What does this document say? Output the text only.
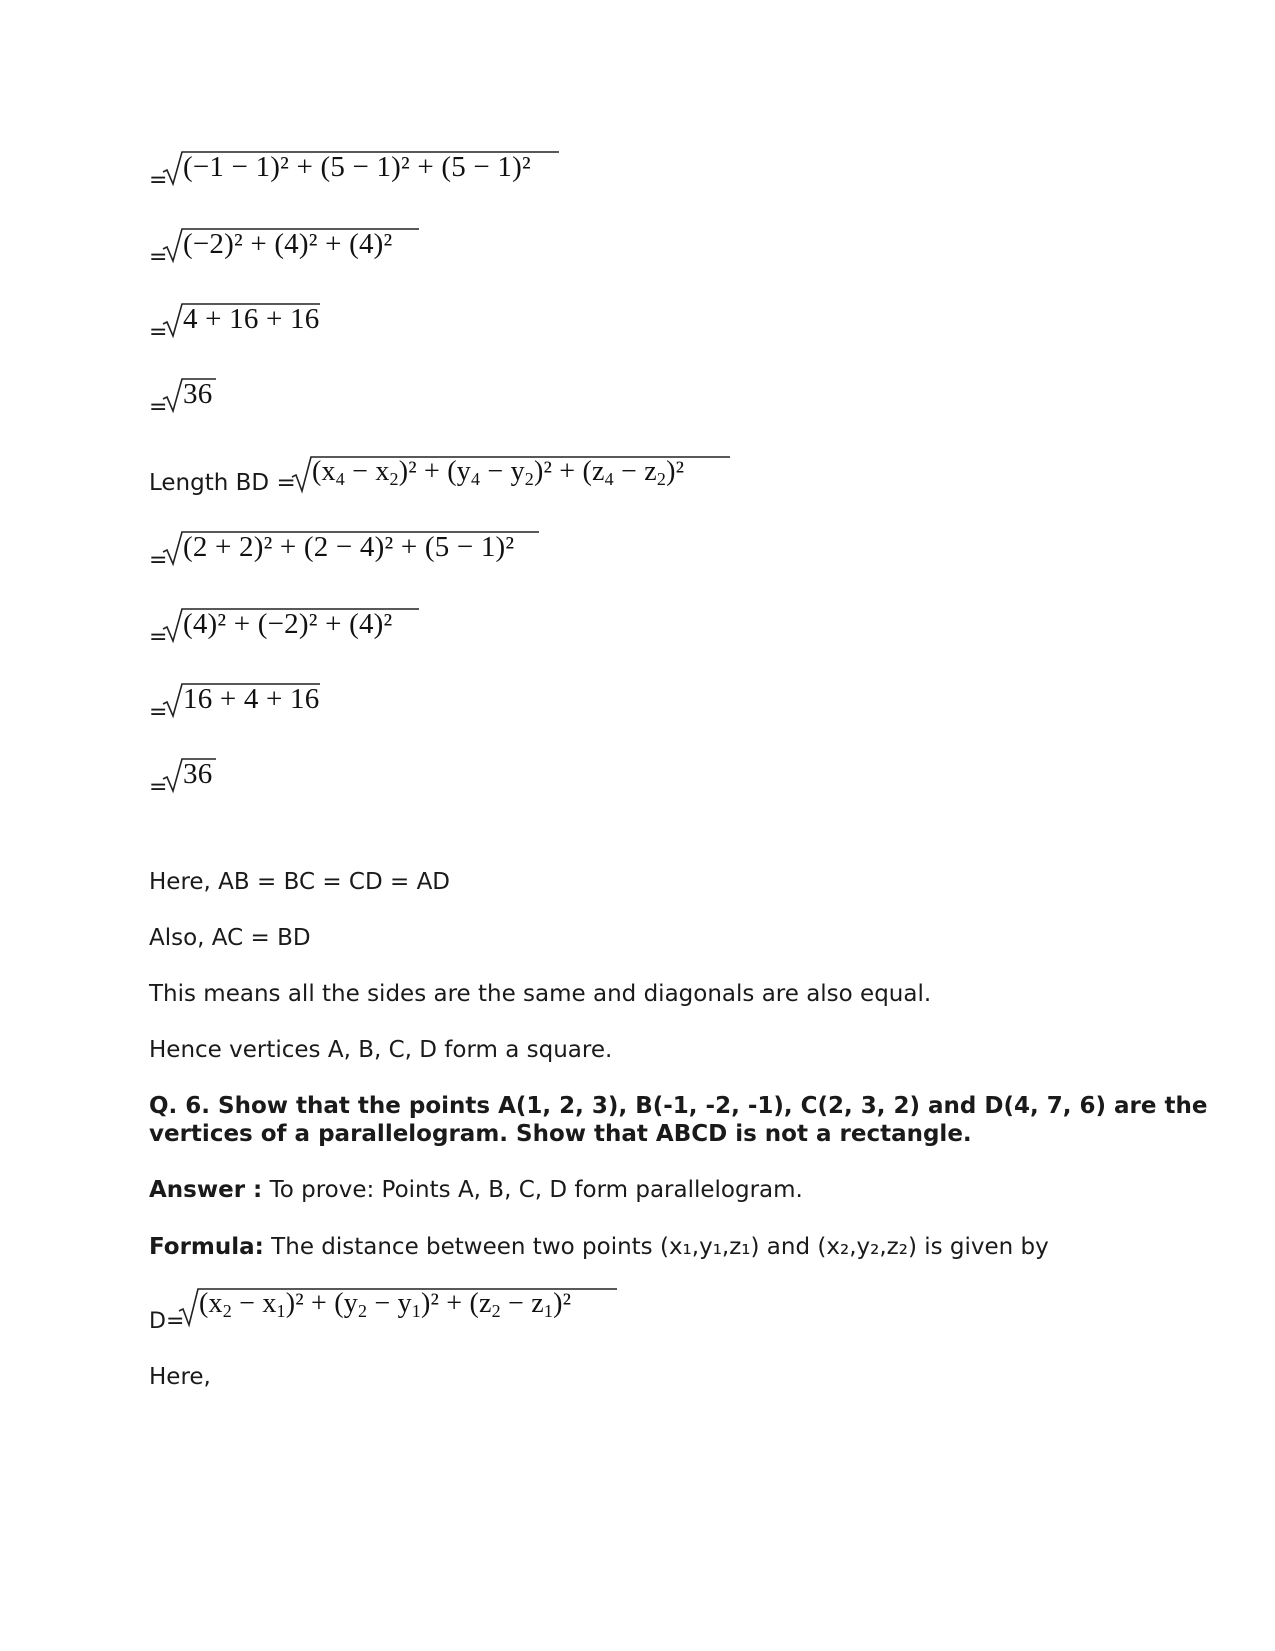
= (−1 − 1)² + (5 − 1)² + (5 − 1)²
= (−2)² + (4)² + (4)²
= 4 + 16 + 16
= 36
Length BD = $(x_4 - x_2)^2 + (y_4 - y_2)^2 + (z_4 - z_2)^2$
= (2 + 2)² + (2 − 4)² + (5 − 1)²
= (4)² + (−2)² + (4)²
= 16 + 4 + 16
= 36
Here, AB = BC = CD = AD
Also, AC = BD
This means all the sides are the same and diagonals are also equal.
Hence vertices A, B, C, D form a square.
Q. 6. Show that the points A(1, 2, 3), B(-1, -2, -1), C(2, 3, 2) and D(4, 7, 6) are the
vertices of a parallelogram. Show that ABCD is not a rectangle.
Answer : To prove: Points A, B, C, D form parallelogram.
Formula: The distance between two points (x₁,y₁,z₁) and (x₂,y₂,z₂) is given by
D=
$(x_2 - x_1)^2 + (y_2 - y_1)^2 + (z_2 - z_1)^2$
Here,
